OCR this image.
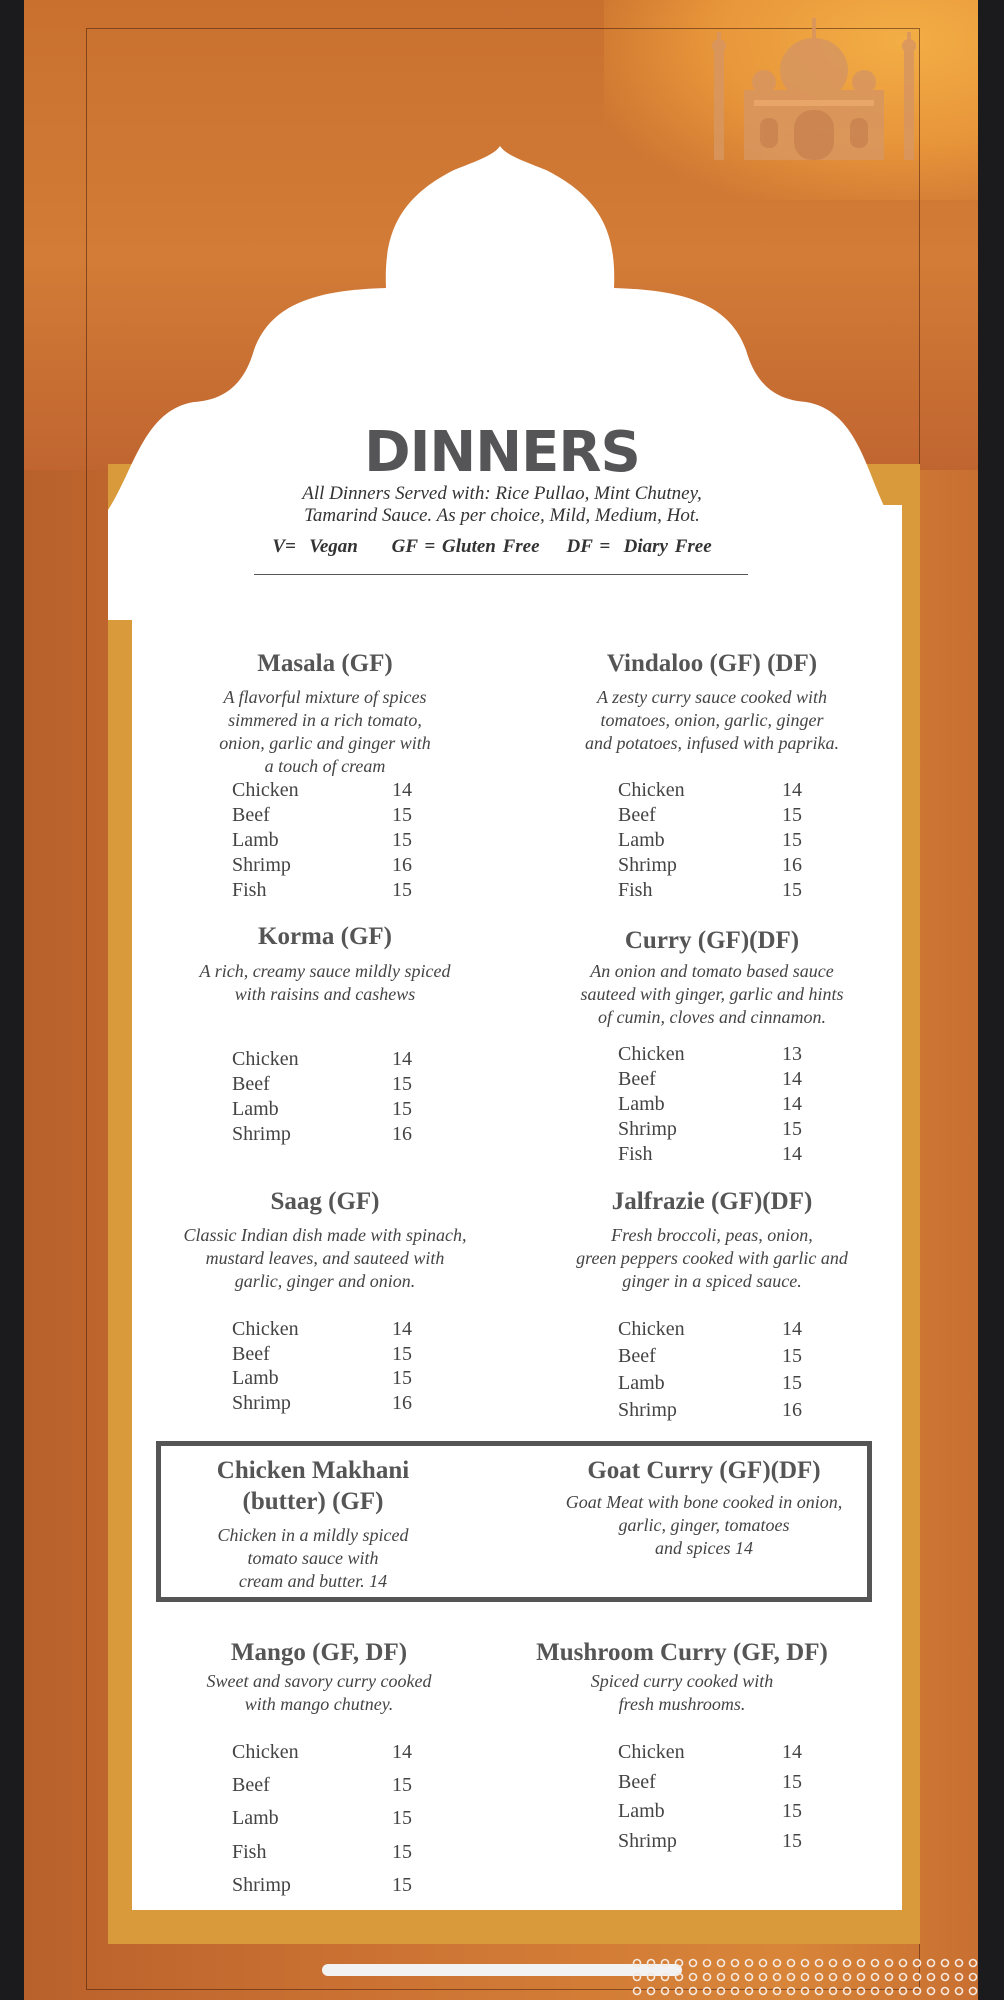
DINNERS
All Dinners Served with: Rice Pullao, Mint Chutney,
Tamarind Sauce. As per choice, Mild, Medium, Hot.
V=  Vegan     GF = Gluten Free    DF =  Diary Free
Masala (GF)
A flavorful mixture of spices
simmered in a rich tomato,
onion, garlic and ginger with
a touch of cream
Chicken	14
Beef	15
Lamb	15
Shrimp	16
Fish	15
Vindaloo (GF) (DF)
A zesty curry sauce cooked with
tomatoes, onion, garlic, ginger
and potatoes, infused with paprika.
Chicken	14
Beef	15
Lamb	15
Shrimp	16
Fish	15
Korma (GF)
A rich, creamy sauce mildly spiced
with raisins and cashews
Chicken	14
Beef	15
Lamb	15
Shrimp	16
Curry (GF)(DF)
An onion and tomato based sauce
sauteed with ginger, garlic and hints
of cumin, cloves and cinnamon.
Chicken	13
Beef	14
Lamb	14
Shrimp	15
Fish	14
Saag (GF)
Classic Indian dish made with spinach,
mustard leaves, and sauteed with
garlic, ginger and onion.
Chicken	14
Beef	15
Lamb	15
Shrimp	16
Jalfrazie (GF)(DF)
Fresh broccoli, peas, onion,
green peppers cooked with garlic and
ginger in a spiced sauce.
Chicken	14
Beef	15
Lamb	15
Shrimp	16
Chicken Makhani
(butter) (GF)
Chicken in a mildly spiced
tomato sauce with
cream and butter. 14
Goat Curry (GF)(DF)
Goat Meat with bone cooked in onion,
garlic, ginger, tomatoes
and spices 14
Mango (GF, DF)
Sweet and savory curry cooked
with mango chutney.
Chicken	14
Beef	15
Lamb	15
Fish	15
Shrimp	15
Mushroom Curry (GF, DF)
Spiced curry cooked with
fresh mushrooms.
Chicken	14
Beef	15
Lamb	15
Shrimp	15
